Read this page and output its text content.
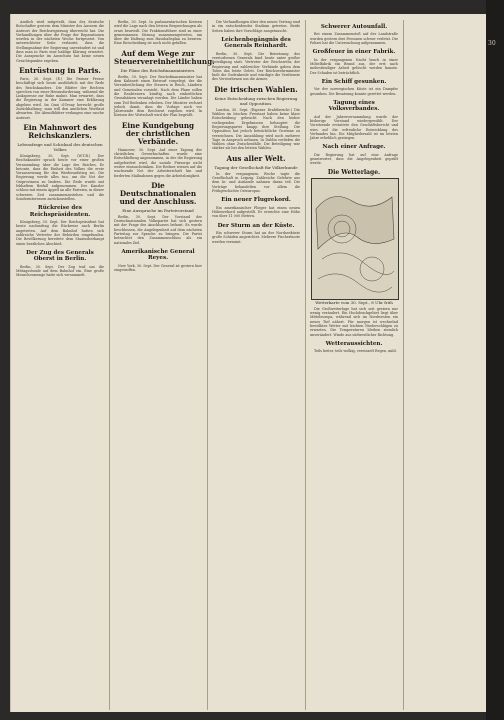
Amtlich wird mitgeteilt, dass der deutsche Botschafter gestern dem Minister des Äussern die Antwort der Reichsregierung überreicht hat. Die Verhandlungen über die Frage der Reparationen werden in der nächsten Woche fortgesetzt. Von unterrichteter Seite verlautet, dass die Stellungnahme der Regierung unverändert ist und dass man in Paris eine baldige Klärung erwartet. Die Aussprache im Ausschuss hat keine neuen Gesichtspunkte ergeben.

Entrüstung in Paris.

Paris, 30. Sept. (E.) Die Pariser Presse beschäftigt sich heute ausführlich mit der Rede des Reichskanzlers. Die Blätter der Rechten sprechen von einer Herausforderung, während die Linkspresse zur Ruhe mahnt. Man erwartet, dass die Regierung in der Kammer eine Erklärung abgeben wird. Im Quai d'Orsay herrscht große Zurückhaltung; man will den amtlichen Wortlaut abwarten. Die Abendblätter verlangen eine rasche Antwort.

Ein Mahnwort des Reichskanzlers.
Lebensfrage und Schicksal des deutschen Volkes

Königsberg, 30. Sept. (W.T.B.) Der Reichskanzler sprach heute vor einer großen Versammlung über die Lage des Reiches. Er betonte, dass die Einheit des Volkes die erste Voraussetzung für den Wiederaufstieg sei. Die Regierung werde alles tun, um die Not der Ostprovinzen zu lindern. Die Rede wurde mit lebhaftem Beifall aufgenommen. Der Kanzler schloss mit einem Appell an alle Parteien, in dieser schweren Zeit zusammenzustehen und die Sonderinteressen zurückzustellen.

Rückreise des Reichspräsidenten.

Königsberg, 30. Sept. Der Reichspräsident hat heute nachmittag die Rückreise nach Berlin angetreten. Auf dem Bahnhof hatten sich zahlreiche Vertreter der Behörden eingefunden. Die Bevölkerung bereitete dem Staatsoberhaupt einen herzlichen Abschied.

Der Zug des Generals Oberst in Berlin.

Berlin, 30. Sept. Der Zug traf um die Mittagsstunde auf dem Bahnhof ein. Eine große Menschenmenge hatte sich versammelt.

Berlin, 30. Sept. In parlamentarischen Kreisen wird die Lage nach den letzten Besprechungen als ernst beurteilt. Die Fraktionsführer sind zu einer gemeinsamen Sitzung zusammengetreten, um über die Haltung zum Haushaltsplan zu beraten. Eine Entscheidung ist noch nicht gefallen.

Auf dem Wege zur Steuervereinheitlichung.
Die Pläne des Reichsfinanzministers.

Berlin, 30. Sept. Der Reichsfinanzminister hat dem Kabinett einen Entwurf vorgelegt, der die Vereinheitlichung der Steuern in Reich, Ländern und Gemeinden vorsieht. Nach dem Plane sollen die Realsteuern künftig nach einheitlichen Grundsätzen veranlagt werden. Die Länder haben zum Teil Bedenken erhoben. Der Minister rechnet jedoch damit, dass die Vorlage noch vor Jahresende dem Reichsrat zugehen wird. In Kreisen der Wirtschaft wird der Plan begrüßt.

Eine Kundgebung der christlichen Verbände.

Hannover, 30. Sept. Auf einer Tagung der christlichen Gewerkschaften wurde eine Entschließung angenommen, in der die Regierung aufgefordert wird, die soziale Fürsorge nicht weiter einzuschränken. Die Redner wiesen auf die wachsende Not der Arbeiterschaft hin und forderten Maßnahmen gegen die Arbeitslosigkeit.

Die Deutschnationalen und der Anschluss.
Eine Aussprache im Parteivorstand

Berlin, 30. Sept. Der Vorstand der Deutschnationalen Volkspartei hat sich gestern mit der Frage des Anschlusses befasst. Es wurde beschlossen, die Angelegenheit auf dem nächsten Parteitag zur Sprache zu bringen. Die Partei betrachtet den Zusammenschluss als ein nationales Ziel.

Amerikanische General Reyes.

New York, 30. Sept. Der General ist gestern hier eingetroffen.

Die Verhandlungen über den neuen Vertrag sind in ein entscheidendes Stadium getreten. Beide Seiten haben ihre Vorschläge ausgetauscht.

Leichenbegängnis des Generals Reinhardt.

Berlin, 30. Sept. Die Beisetzung des verstorbenen Generals fand heute unter großer Beteiligung statt. Vertreter der Reichswehr, der Regierung und zahlreicher Verbände gaben dem Toten das letzte Geleit. Der Reichswehrminister hielt die Gedenkrede und würdigte die Verdienste des Verstorbenen um die Armee.

Die irischen Wahlen.
Keine Entscheidung zwischen Regierung und Opposition.

London, 30. Sept. (Eigener Drahtbericht.) Die Wahlen im Irischen Freistaat haben keine klare Entscheidung gebracht. Nach den bisher vorliegenden Ergebnissen behauptet die Regierungspartei knapp ihre Stellung. Die Opposition hat jedoch beträchtliche Gewinne zu verzeichnen. Die Auszählung wird noch mehrere Tage in Anspruch nehmen. In Dublin verliefen die Wahlen ohne Zwischenfälle. Die Beteiligung war stärker als bei den letzten Wahlen.

Aus aller Welt.
Tagung der Gesellschaft für Völkerkunde

In der vergangenen Woche tagte die Gesellschaft in Leipzig. Zahlreiche Gelehrte aus dem In- und Auslande nahmen daran teil. Die Vorträge behandelten vor allem die Frühgeschichte Osteuropas.

Ein neuer Flugrekord.

Ein amerikanischer Flieger hat einen neuen Höhenrekord aufgestellt. Er erreichte eine Höhe von über 11 000 Metern.

Der Sturm an der Küste.

Ein schwerer Sturm hat an der Nordseeküste große Schäden angerichtet. Mehrere Fischerboote werden vermisst.

Schwerer Autounfall.

Bei einem Zusammenstoß auf der Landstraße wurden gestern drei Personen schwer verletzt. Die Polizei hat die Untersuchung aufgenommen.

Großfeuer in einer Fabrik.

In der vergangenen Nacht brach in einer Möbelfabrik ein Brand aus, der erst nach mehrstündiger Arbeit gelöscht werden konnte. Der Schaden ist beträchtlich.

Ein Schiff gesunken.

Vor der norwegischen Küste ist ein Dampfer gesunken. Die Besatzung konnte gerettet werden.

Tagung eines Volksverbandes.

Auf der Jahresversammlung wurde der bisherige Vorstand wiedergewählt. Der Vorsitzende erstattete den Geschäftsbericht und wies auf die erfreuliche Entwicklung des Verbandes hin. Die Mitgliederzahl ist im letzten Jahre erheblich gestiegen.

Nach einer Anfrage.

Die Regierung hat auf eine Anfrage geantwortet, dass die Angelegenheit geprüft werde.

Die Wetterlage.
Wetterkarte vom 30. Sept., 8 Uhr früh

Die Großwetterlage hat sich seit gestern nur wenig verändert. Ein Hochdruckgebiet liegt über Mitteleuropa, während sich im Nordwesten ein neues Tief nähert. Für morgen ist wechselnd bewölktes Wetter mit leichten Niederschlägen zu erwarten. Die Temperaturen bleiben ziemlich unverändert. Winde aus südwestlicher Richtung.

Wetteraussichten.

Teils heiter, teils wolkig, vereinzelt Regen, mild.

30
